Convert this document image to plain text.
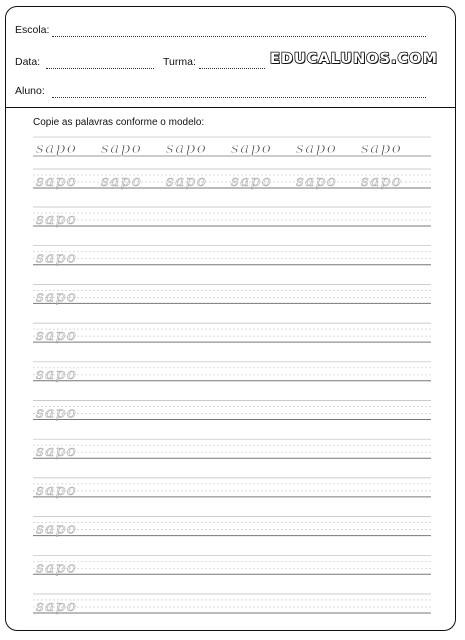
Escola:
Data:	Turma:	EDUCALUNOS.COM
Aluno:
Copie as palavras conforme o modelo:
sapo sapo sapo sapo sapo sapo
sapo sapo sapo sapo sapo sapo
sapo
sapo
sapo
sapo
sapo
sapo
sapo
sapo
sapo
sapo
sapo
